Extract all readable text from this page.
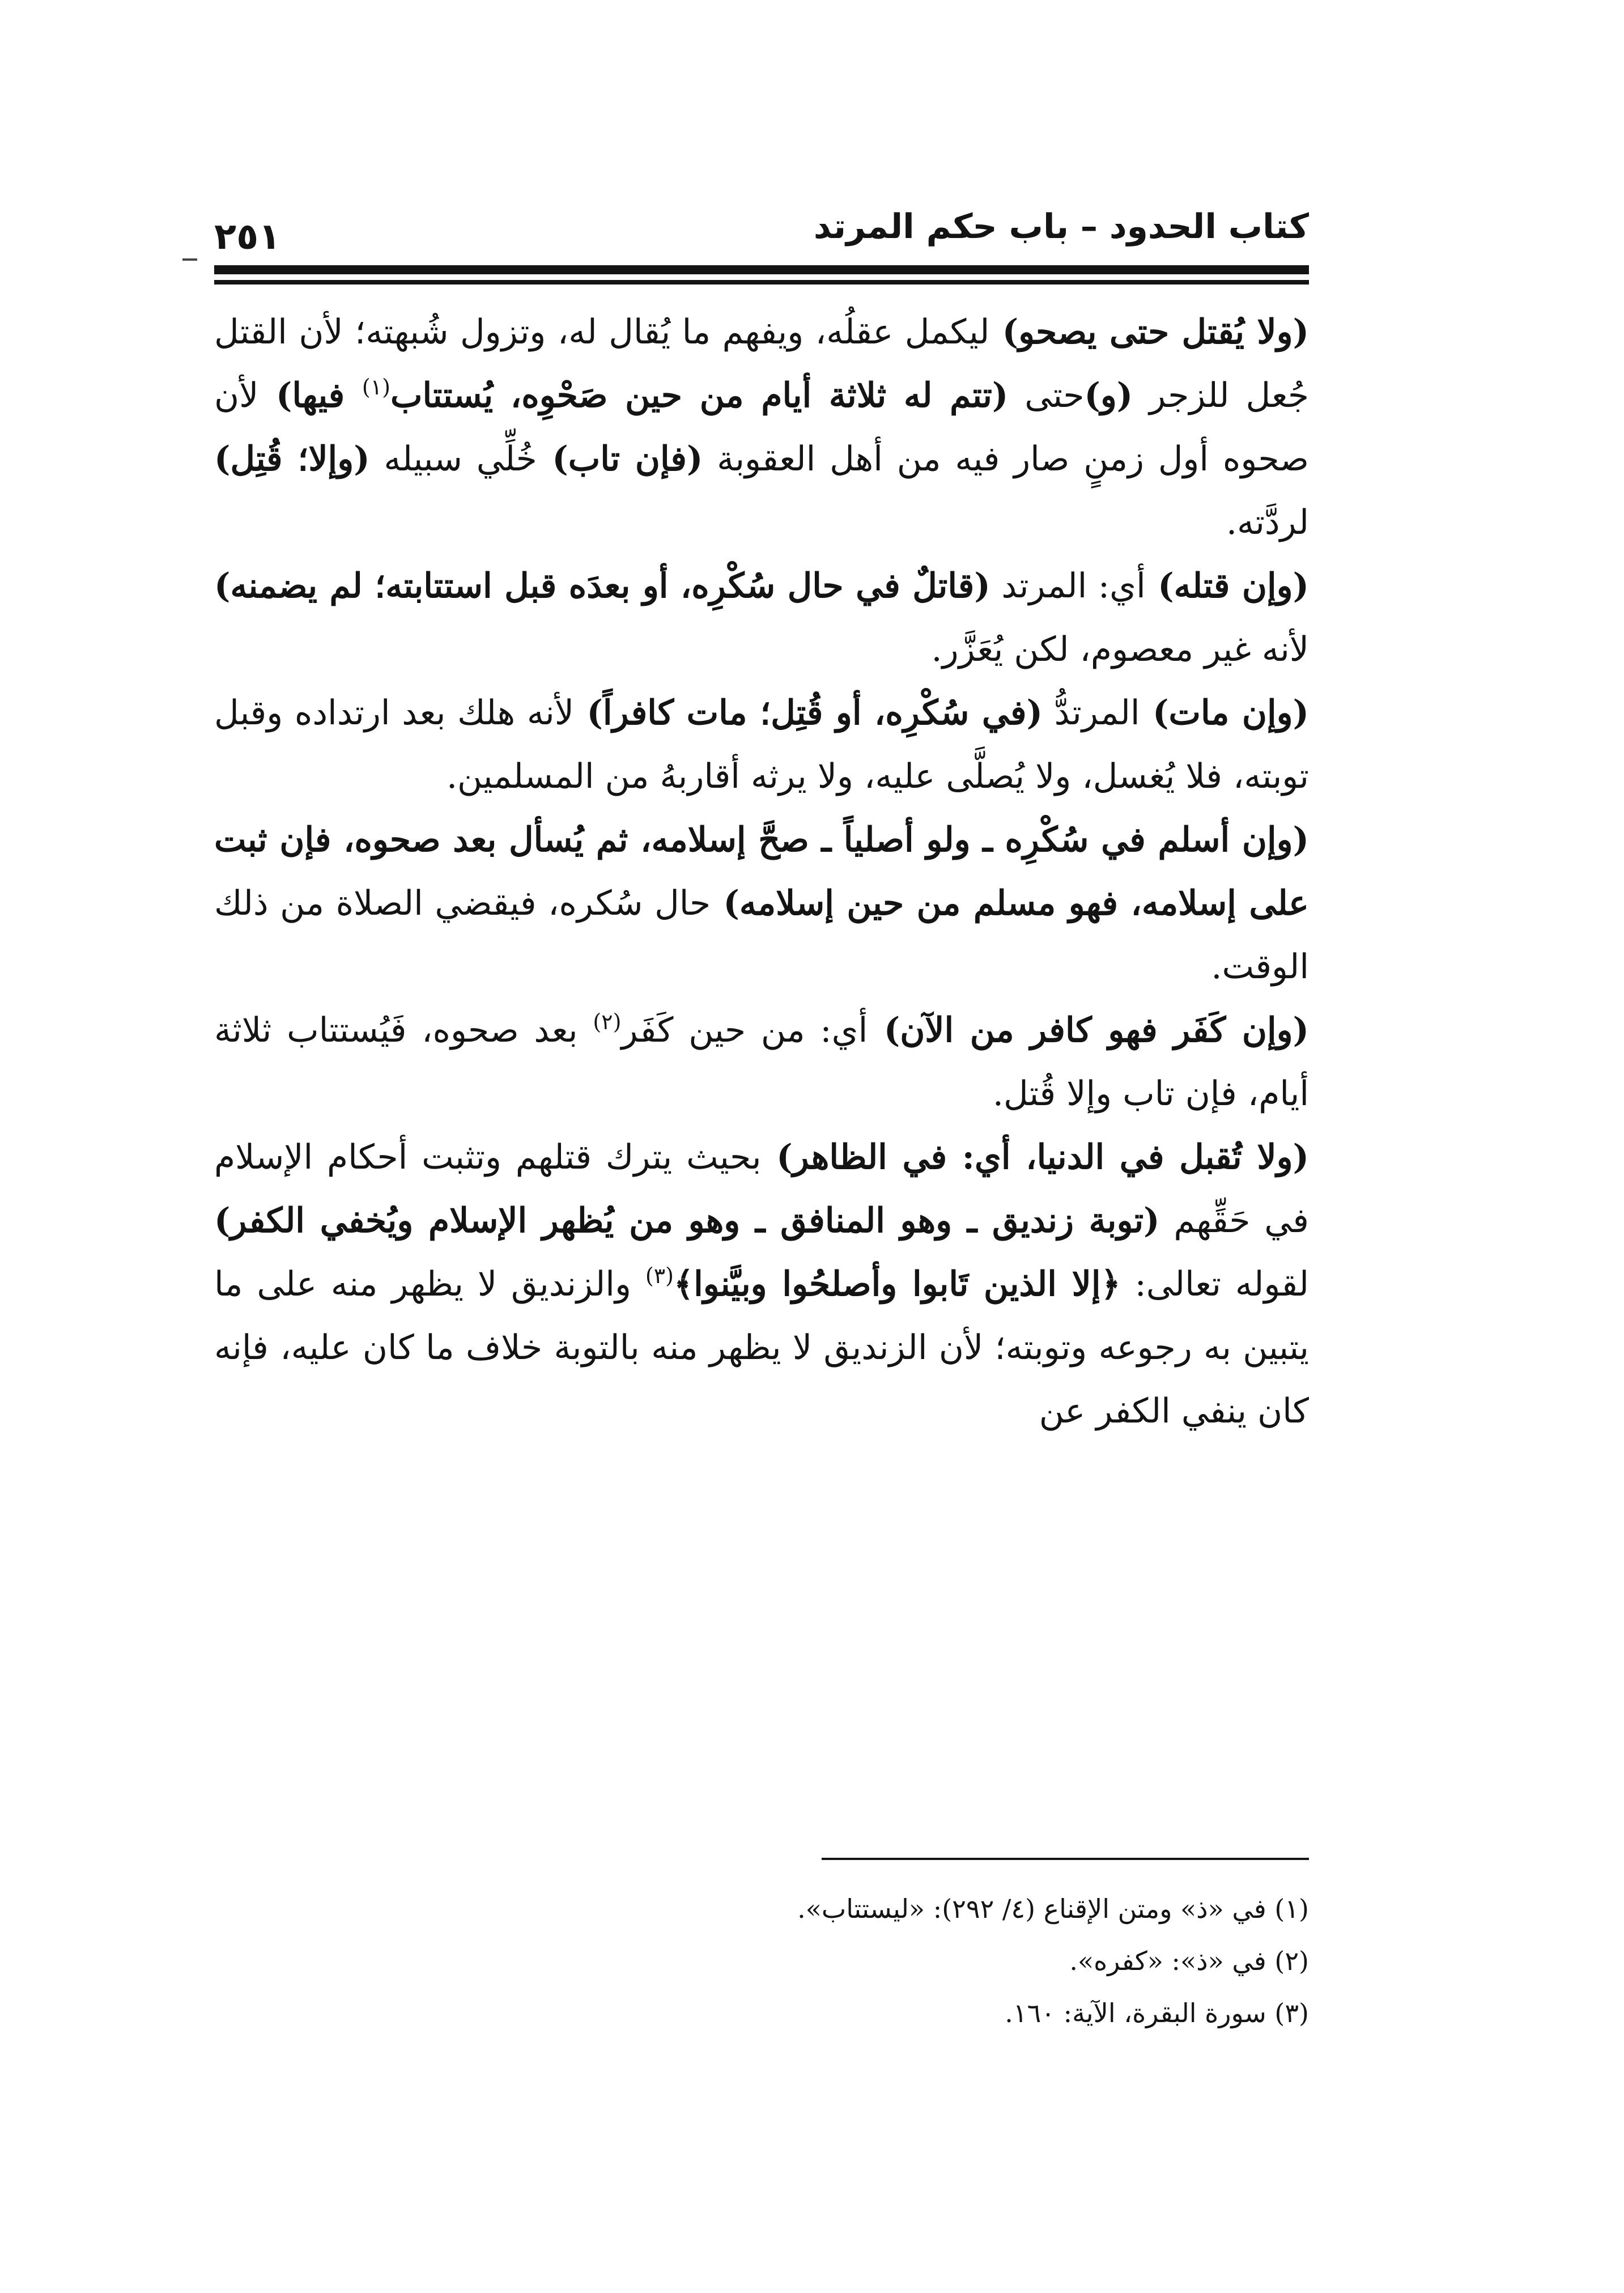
كتاب الحدود – باب حكم المرتد
٢٥١

(ولا يُقتل حتى يصحو) ليكمل عقلُه، ويفهم ما يُقال له، وتزول شُبهته؛ لأن القتل جُعل للزجر (و)حتى (تتم له ثلاثة أيام من حين صَحْوِه، يُستتاب$^{(١)}$ فيها) لأن صحوه أول زمنٍ صار فيه من أهل العقوبة (فإن تاب) خُلِّي سبيله (وإلا؛ قُتِل) لردَّته.

(وإن قتله) أي: المرتد (قاتلٌ في حال سُكْرِه، أو بعدَه قبل استتابته؛ لم يضمنه) لأنه غير معصوم، لكن يُعَزَّر.

(وإن مات) المرتدُّ (في سُكْرِه، أو قُتِل؛ مات كافراً) لأنه هلك بعد ارتداده وقبل توبته، فلا يُغسل، ولا يُصلَّى عليه، ولا يرثه أقاربهُ من المسلمين.

(وإن أسلم في سُكْرِه ـ ولو أصلياً ـ صحَّ إسلامه، ثم يُسأل بعد صحوه، فإن ثبت على إسلامه، فهو مسلم من حين إسلامه) حال سُكره، فيقضي الصلاة من ذلك الوقت.

(وإن كَفَر فهو كافر من الآن) أي: من حين كَفَر$^{(٢)}$ بعد صحوه، فَيُستتاب ثلاثة أيام، فإن تاب وإلا قُتل.

(ولا تُقبل في الدنيا، أي: في الظاهر) بحيث يترك قتلهم وتثبت أحكام الإسلام في حَقِّهم (توبة زنديق ـ وهو المنافق ـ وهو من يُظهر الإسلام ويُخفي الكفر) لقوله تعالى: ﴿إلا الذين تَابوا وأصلحُوا وبيَّنوا﴾$^{(٣)}$ والزنديق لا يظهر منه على ما يتبين به رجوعه وتوبته؛ لأن الزنديق لا يظهر منه بالتوبة خلاف ما كان عليه، فإنه كان ينفي الكفر عن

(١) في «ذ» ومتن الإقناع (٤/ ٢٩٢): «ليستتاب».

(٢) في «ذ»: «كفره».

(٣) سورة البقرة، الآية: ١٦٠.
